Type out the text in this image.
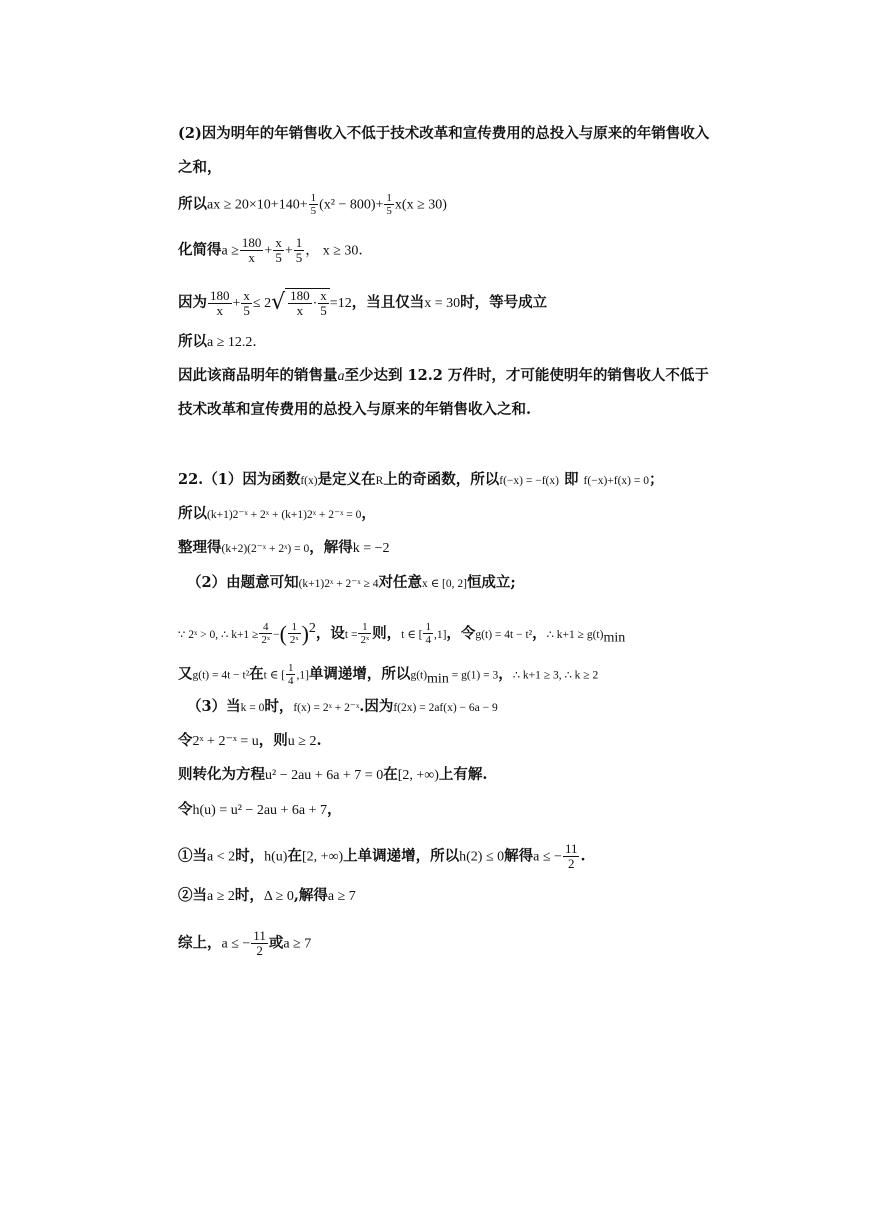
(2)因为明年的年销售收入不低于技术改革和宣传费用的总投入与原来的年销售收入
之和，
所以ax ≥ $20\times 10+140+ \frac{1}{5} (x^2 - 800)+ \frac{1}{5} x(x \ge 30)$
化简得$a \ge \frac{180}{x} + \frac{x}{5} + \frac{1}{5}$ ， x ≥ 30．
因为 $\frac{180}{x} + \frac{x}{5} \le 2√ \frac{180}{x} \cdot \frac{x}{5} =12$，当且仅当x = 30时，等号成立
所以a ≥ 12.2．
因此该商品明年的销售量a至少达到 12.2 万件时，才可能使明年的销售收人不低于
技术改革和宣传费用的总投入与原来的年销售收入之和.
22.（1）因为函数f(x)是定义在R上的奇函数，所以f(−x) = −f(x) 即 f(−x)+f(x) = 0；
所以(k+1)2⁻ˣ + 2ˣ + (k+1)2ˣ + 2⁻ˣ = 0，
整理得(k+2)(2⁻ˣ + 2ˣ) = 0，解得k = −2
（2）由题意可知(k+1)2ˣ + 2⁻ˣ ≥ 4对任意x ∈ [0, 2]恒成立;
∵ 2ˣ > 0, ∴ $k+1 \ge \frac{4}{\text{2ˣ}}$ −( $\frac{1}{\text{2ˣ}} )^2$，设$t = \frac{1}{\text{2ˣ}}$ 则，t ∈ [ $\frac{1}{4} ,1$]，令g(t) = 4t − t²，∴ $k+1 \ge g(t)_{min}$
又g(t) = 4t − t²在t ∈ [ $\frac{1}{4} ,1$]单调递增，所以$g(t)_{min} = g(1) = 3$，∴ k+1 ≥ 3, ∴ k ≥ 2
（3）当k = 0时，f(x) = 2ˣ + 2⁻ˣ.因为f(2x) = 2af(x) − 6a − 9
令2ˣ + 2⁻ˣ = u，则u ≥ 2.
则转化为方程u² − 2au + 6a + 7 = 0在[2, +∞)上有解.
令h(u) = u² − 2au + 6a + 7，
①当a < 2时，h(u)在[2, +∞)上单调递增，所以h(2) ≤ 0解得a ≤ − $\frac{11}{2}$ .
②当a ≥ 2时，Δ ≥ 0,解得a ≥ 7
综上，a ≤ − $\frac{11}{2}$ 或a ≥ 7
